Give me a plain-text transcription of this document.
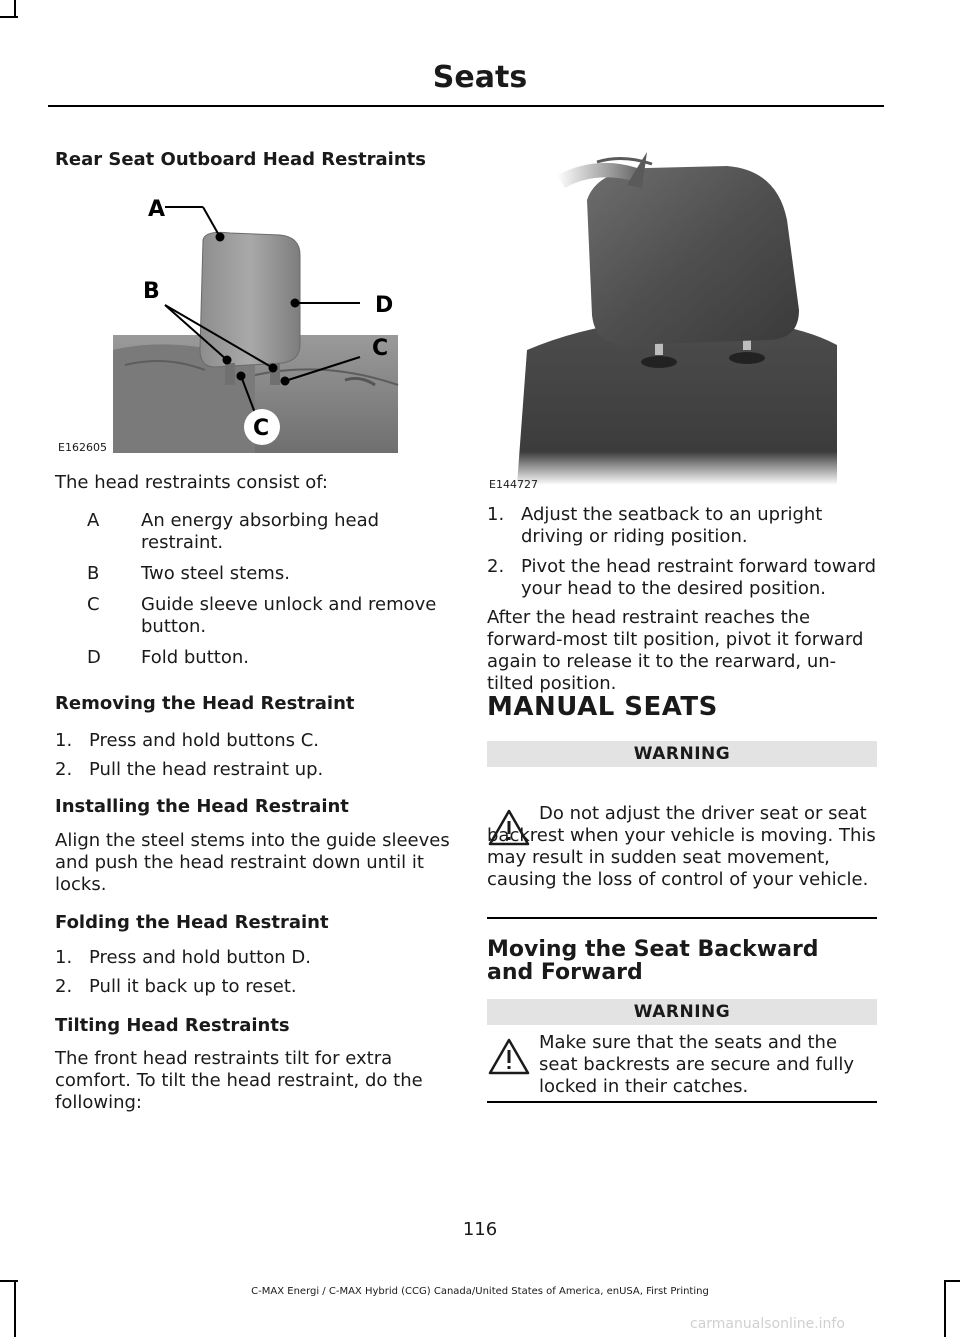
Seats
Rear Seat Outboard Head Restraints
A
B
D
C
C
E162605
The head restraints consist of:
A An energy absorbing head restraint.
B Two steel stems.
C Guide sleeve unlock and remove button.
D Fold button.
Removing the Head Restraint
1. Press and hold buttons C.
2. Pull the head restraint up.
Installing the Head Restraint
Align the steel stems into the guide sleeves and push the head restraint down until it locks.
Folding the Head Restraint
1. Press and hold button D.
2. Pull it back up to reset.
Tilting Head Restraints
The front head restraints tilt for extra comfort. To tilt the head restraint, do the following:
E144727
1. Adjust the seatback to an upright driving or riding position.
2. Pivot the head restraint forward toward your head to the desired position.
After the head restraint reaches the forward-most tilt position, pivot it forward again to release it to the rearward, un-tilted position.
MANUAL SEATS
WARNING
Do not adjust the driver seat or seat backrest when your vehicle is moving. This may result in sudden seat movement, causing the loss of control of your vehicle.
Moving the Seat Backward and Forward
WARNING
Make sure that the seats and the seat backrests are secure and fully locked in their catches.
116
C-MAX Energi / C-MAX Hybrid (CCG) Canada/United States of America, enUSA, First Printing
carmanualsonline.info
